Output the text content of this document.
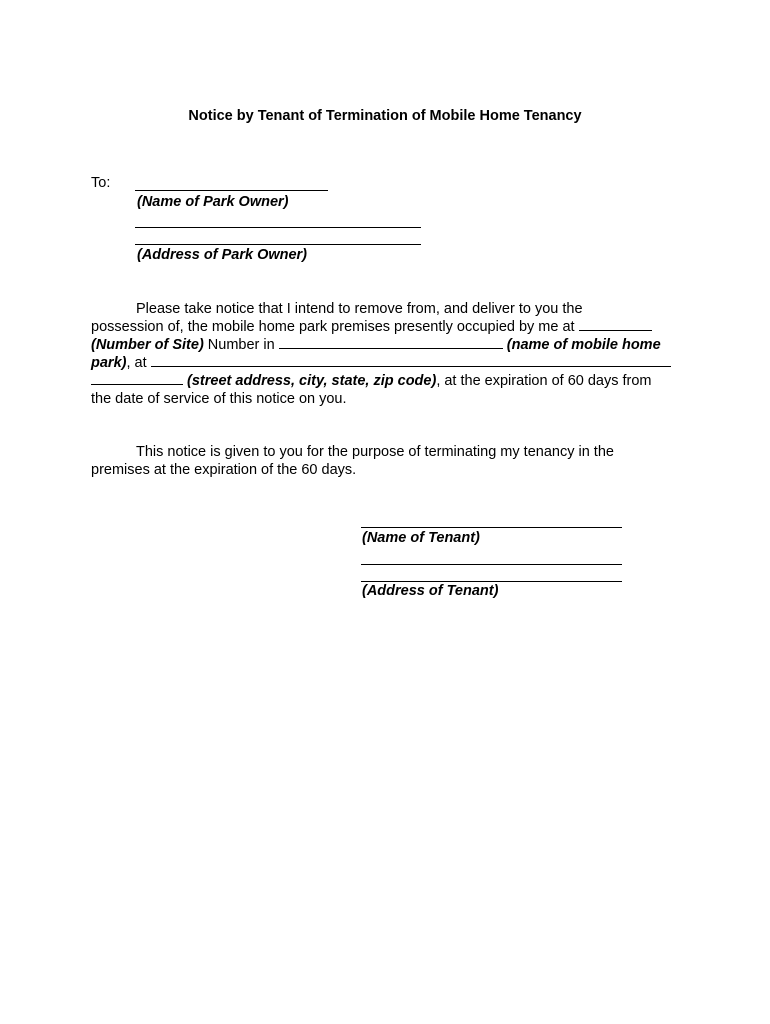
Notice by Tenant of Termination of Mobile Home Tenancy
To:
(Name of Park Owner)
(Address of Park Owner)
Please take notice that I intend to remove from, and deliver to you the
possession of, the mobile home park premises presently occupied by me at
(Number of Site) Number in	(name of mobile home
park), at
(street address, city, state, zip code), at the expiration of 60 days from
the date of service of this notice on you.
This notice is given to you for the purpose of terminating my tenancy in the
premises at the expiration of the 60 days.
(Name of Tenant)
(Address of Tenant)
